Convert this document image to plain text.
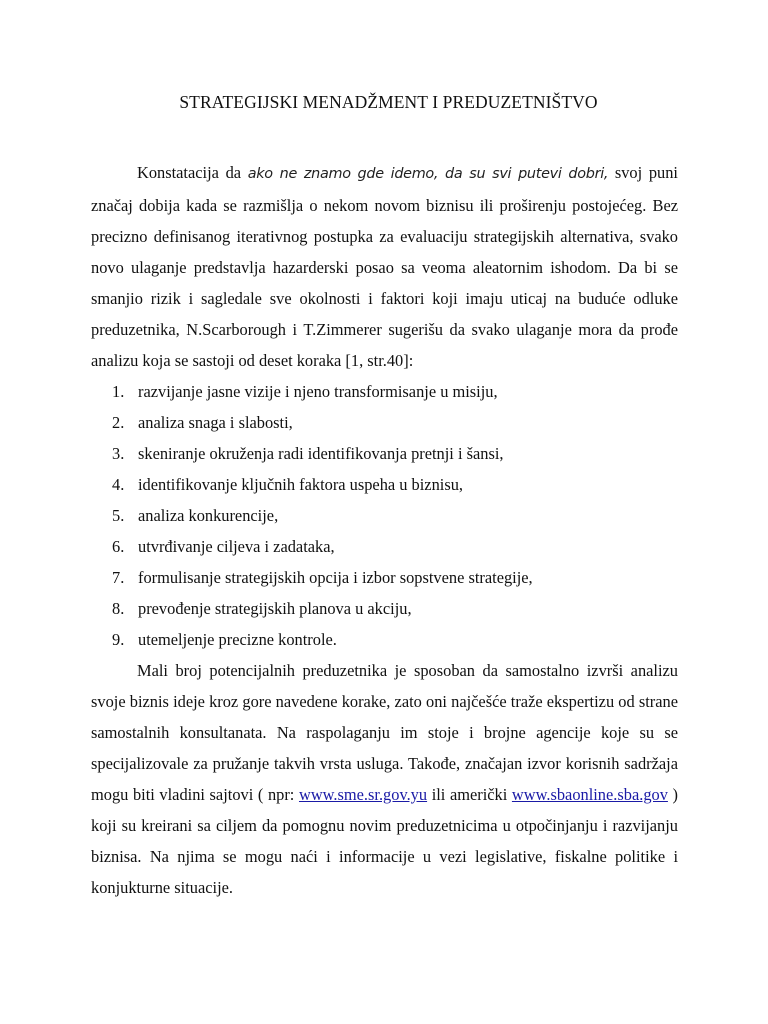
STRATEGIJSKI MENADŽMENT I PREDUZETNIŠTVO

Konstatacija da ako ne znamo gde idemo, da su svi putevi dobri, svoj puni značaj dobija kada se razmišlja o nekom novom biznisu ili proširenju postojećeg. Bez precizno definisanog iterativnog postupka za evaluaciju strategijskih alternativa, svako novo ulaganje predstavlja hazarderski posao sa veoma aleatornim ishodom. Da bi se smanjio rizik i sagledale sve okolnosti i faktori koji imaju uticaj na buduće odluke preduzetnika, N.Scarborough i T.Zimmerer sugerišu da svako ulaganje mora da prođe analizu koja se sastoji od deset koraka [1, str.40]:

1. razvijanje jasne vizije i njeno transformisanje u misiju,
2. analiza snaga i slabosti,
3. skeniranje okruženja radi identifikovanja pretnji i šansi,
4. identifikovanje ključnih faktora uspeha u biznisu,
5. analiza konkurencije,
6. utvrđivanje ciljeva i zadataka,
7. formulisanje strategijskih opcija i izbor sopstvene strategije,
8. prevođenje strategijskih planova u akciju,
9. utemeljenje precizne kontrole.

Mali broj potencijalnih preduzetnika je sposoban da samostalno izvrši analizu svoje biznis ideje kroz gore navedene korake, zato oni najčešće traže ekspertizu od strane samostalnih konsultanata. Na raspolaganju im stoje i brojne agencije koje su se specijalizovale za pružanje takvih vrsta usluga. Takođe, značajan izvor korisnih sadržaja mogu biti vladini sajtovi ( npr: www.sme.sr.gov.yu ili američki www.sbaonline.sba.gov ) koji su kreirani sa ciljem da pomognu novim preduzetnicima u otpočinjanju i razvijanju biznisa. Na njima se mogu naći i informacije u vezi legislative, fiskalne politike i konjukturne situacije.
